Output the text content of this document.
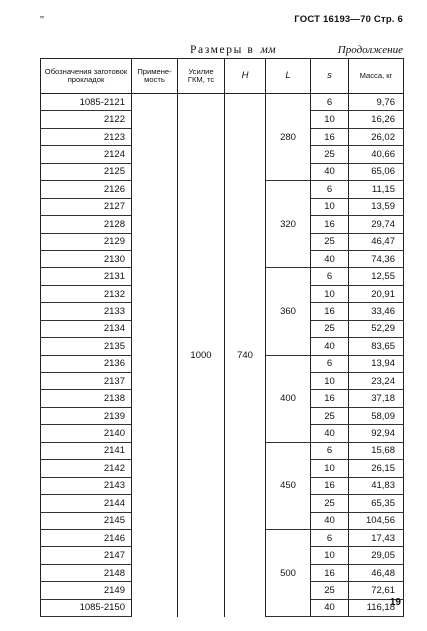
''	ГОСТ 16193—70 Стр. 6
Размеры в мм	Продолжение
Обозначения заготовок прокладок	Примене- мость	Усилие ГКМ, тс	H	L	s	Масса, кг
1085-2121		1000	740	280	6	9,76
2122					10	16,26
2123					16	26,02
2124					25	40,66
2125					40	65,06
2126				320	6	11,15
2127					10	13,59
2128					16	29,74
2129					25	46,47
2130					40	74,36
2131				360	6	12,55
2132					10	20,91
2133					16	33,46
2134					25	52,29
2135					40	83,65
2136				400	6	13,94
2137					10	23,24
2138					16	37,18
2139					25	58,09
2140					40	92,94
2141				450	6	15,68
2142					10	26,15
2143					16	41,83
2144					25	65,35
2145					40	104,56
2146				500	6	17,43
2147					10	29,05
2148					16	46,48
2149					25	72,61
1085-2150					40	116,18
19
